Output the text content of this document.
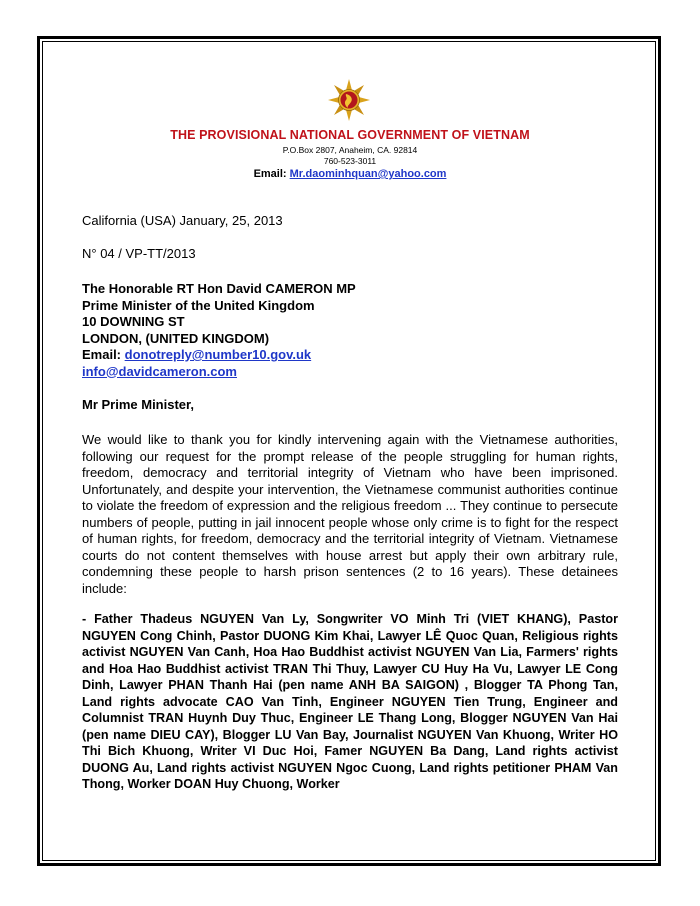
THE PROVISIONAL NATIONAL GOVERNMENT OF VIETNAM
P.O.Box 2807, Anaheim, CA. 92814
760-523-3011
Email: Mr.daominhquan@yahoo.com
California (USA) January, 25, 2013
N° 04 / VP-TT/2013
The Honorable RT Hon David CAMERON MP
Prime Minister of the United Kingdom
10 DOWNING ST
LONDON, (UNITED KINGDOM)
Email: donotreply@number10.gov.uk
info@davidcameron.com
Mr Prime Minister,
We would like to thank you for kindly intervening again with the Vietnamese authorities, following our request for the prompt release of the people struggling for human rights, freedom, democracy and territorial integrity of Vietnam who have been imprisoned. Unfortunately, and despite your intervention, the Vietnamese communist authorities continue to violate the freedom of expression and the religious freedom ... They continue to persecute numbers of people, putting in jail innocent people whose only crime is to fight for the respect of human rights, for freedom, democracy and the territorial integrity of Vietnam. Vietnamese courts do not content themselves with house arrest but apply their own arbitrary rule, condemning these people to harsh prison sentences (2 to 16 years). These detainees include:
- Father Thadeus NGUYEN Van Ly, Songwriter VO Minh Tri (VIET KHANG), Pastor NGUYEN Cong Chinh, Pastor DUONG Kim Khai, Lawyer LÊ Quoc Quan, Religious rights activist NGUYEN Van Canh, Hoa Hao Buddhist activist NGUYEN Van Lia, Farmers' rights and Hoa Hao Buddhist activist TRAN Thi Thuy, Lawyer CU Huy Ha Vu, Lawyer LE Cong Dinh, Lawyer PHAN Thanh Hai (pen name ANH BA SAIGON) , Blogger TA Phong Tan, Land rights advocate CAO Van Tinh, Engineer NGUYEN Tien Trung, Engineer and Columnist TRAN Huynh Duy Thuc, Engineer LE Thang Long, Blogger NGUYEN Van Hai (pen name DIEU CAY), Blogger LU Van Bay, Journalist NGUYEN Van Khuong, Writer HO Thi Bich Khuong, Writer VI Duc Hoi, Famer NGUYEN Ba Dang, Land rights activist DUONG Au, Land rights activist NGUYEN Ngoc Cuong, Land rights petitioner PHAM Van Thong, Worker DOAN Huy Chuong, Worker
